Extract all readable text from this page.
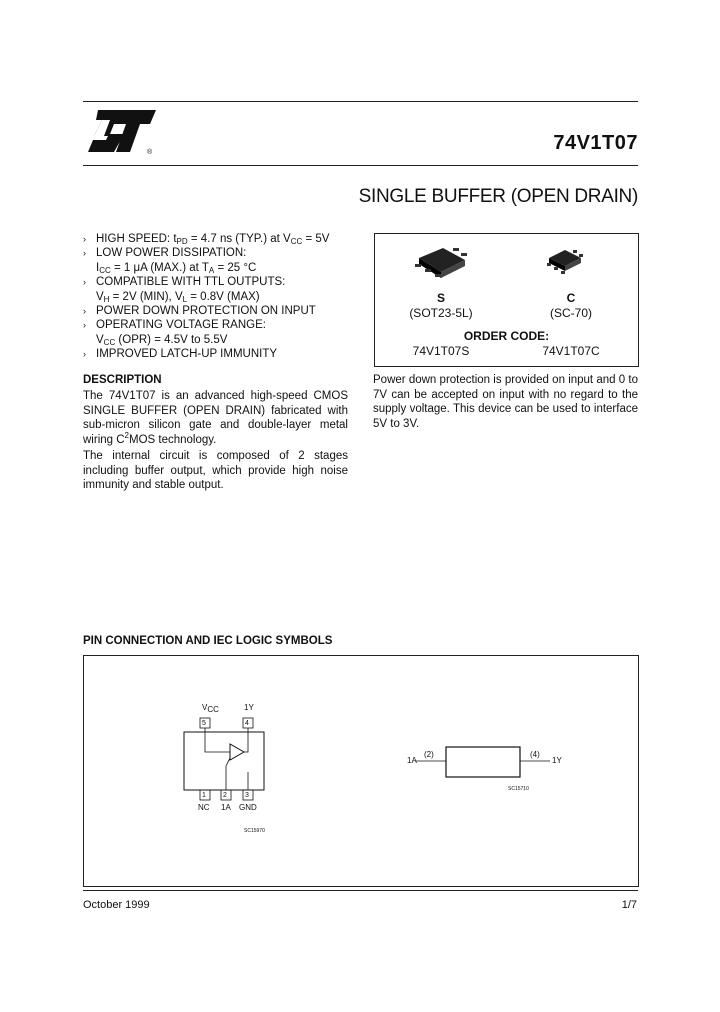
®	74V1T07
SINGLE BUFFER (OPEN DRAIN)
› HIGH SPEED: $t_{PD} = 4.7$ ns (TYP.) at $V_{CC} = 5V$
› LOW POWER DISSIPATION:
$I_{CC} = 1$ μA (MAX.) at $T_A = 25$ °C
› COMPATIBLE WITH TTL OUTPUTS:
$V_H = 2V$ (MIN), $V_L = 0.8V$ (MAX)
› POWER DOWN PROTECTION ON INPUT
› OPERATING VOLTAGE RANGE:
$V_{CC}$ (OPR) = 4.5V to 5.5V
› IMPROVED LATCH-UP IMMUNITY
S
(SOT23-5L)
C
(SC-70)
ORDER CODE:
74V1T07S	74V1T07C
DESCRIPTION
The 74V1T07 is an advanced high-speed CMOS SINGLE BUFFER (OPEN DRAIN) fabricated with sub-micron silicon gate and double-layer metal wiring $C^2MOS$ technology.
The internal circuit is composed of 2 stages including buffer output, which provide high noise immunity and stable output.
Power down protection is provided on input and 0 to 7V can be accepted on input with no regard to the supply voltage. This device can be used to interface 5V to 3V.
PIN CONNECTION AND IEC LOGIC SYMBOLS
$V_{CC}$	1Y
5	4
1 2	3
NC 1A GND
SC15970
1A
(2)	(4)
1Y
SC15710
October 1999	1/7
